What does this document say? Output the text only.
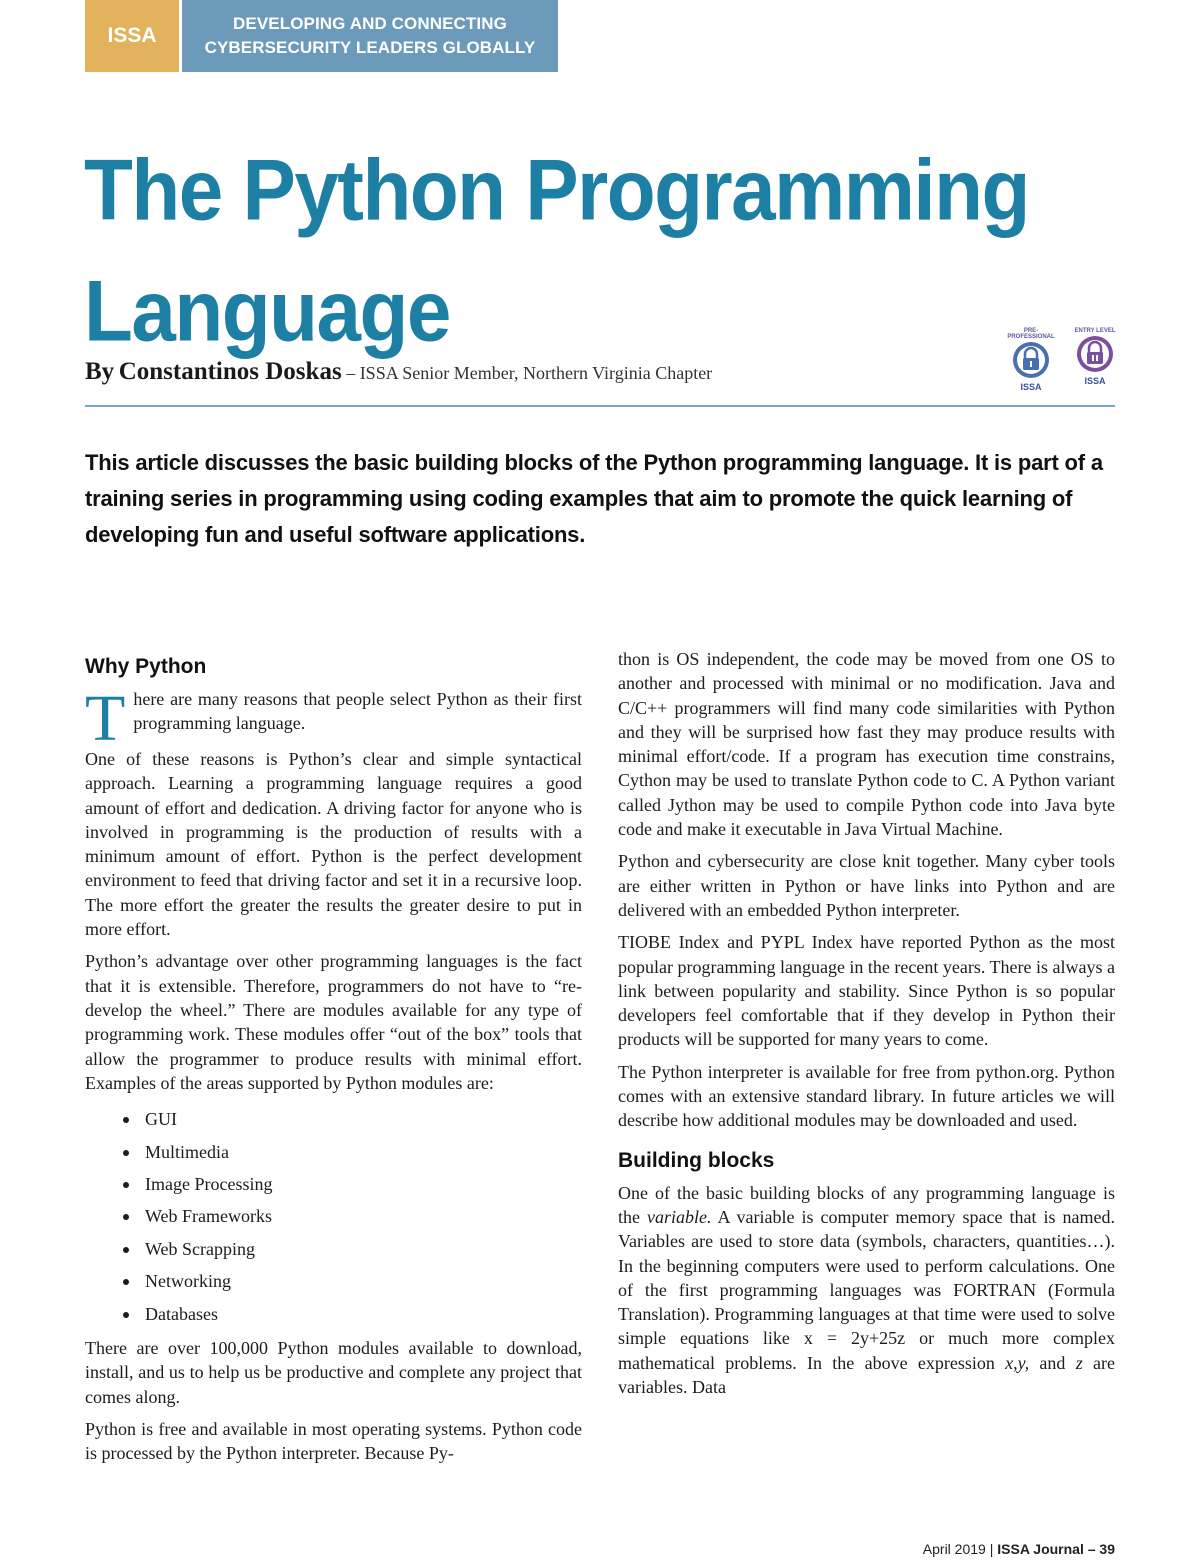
ISSA
DEVELOPING AND CONNECTING
CYBERSECURITY LEADERS GLOBALLY
The Python Programming
Language
By Constantinos Doskas – ISSA Senior Member, Northern Virginia Chapter
PRE-PROFESSIONAL
ISSA
ENTRY LEVEL
ISSA
This article discusses the basic building blocks of the Python programming language. It is part of a training series in programming using coding examples that aim to promote the quick learning of developing fun and useful software applications.
Why Python

There are many reasons that people select Python as their first programming language.

One of these reasons is Python’s clear and simple syntactical approach. Learning a programming language requires a good amount of effort and dedication. A driving factor for anyone who is involved in programming is the production of results with a minimum amount of effort. Python is the perfect development environment to feed that driving factor and set it in a recursive loop. The more effort the greater the results the greater desire to put in more effort.

Python’s advantage over other programming languages is the fact that it is extensible. Therefore, programmers do not have to “re-develop the wheel.” There are modules available for any type of programming work. These modules offer “out of the box” tools that allow the programmer to produce results with minimal effort. Examples of the areas supported by Python modules are:

GUI
Multimedia
Image Processing
Web Frameworks
Web Scrapping
Networking
Databases

There are over 100,000 Python modules available to download, install, and us to help us be productive and complete any project that comes along.

Python is free and available in most operating systems. Python code is processed by the Python interpreter. Because Py-

thon is OS independent, the code may be moved from one OS to another and processed with minimal or no modification. Java and C/C++ programmers will find many code similarities with Python and they will be surprised how fast they may produce results with minimal effort/code. If a program has execution time constrains, Cython may be used to translate Python code to C. A Python variant called Jython may be used to compile Python code into Java byte code and make it executable in Java Virtual Machine.

Python and cybersecurity are close knit together. Many cyber tools are either written in Python or have links into Python and are delivered with an embedded Python interpreter.

TIOBE Index and PYPL Index have reported Python as the most popular programming language in the recent years. There is always a link between popularity and stability. Since Python is so popular developers feel comfortable that if they develop in Python their products will be supported for many years to come.

The Python interpreter is available for free from python.org. Python comes with an extensive standard library. In future articles we will describe how additional modules may be downloaded and used.

Building blocks

One of the basic building blocks of any programming language is the variable. A variable is computer memory space that is named. Variables are used to store data (symbols, characters, quantities…). In the beginning computers were used to perform calculations. One of the first programming languages was FORTRAN (Formula Translation). Programming languages at that time were used to solve simple equations like x = 2y+25z or much more complex mathematical problems. In the above expression x,y, and z are variables. Data

April 2019 | ISSA Journal – 39
